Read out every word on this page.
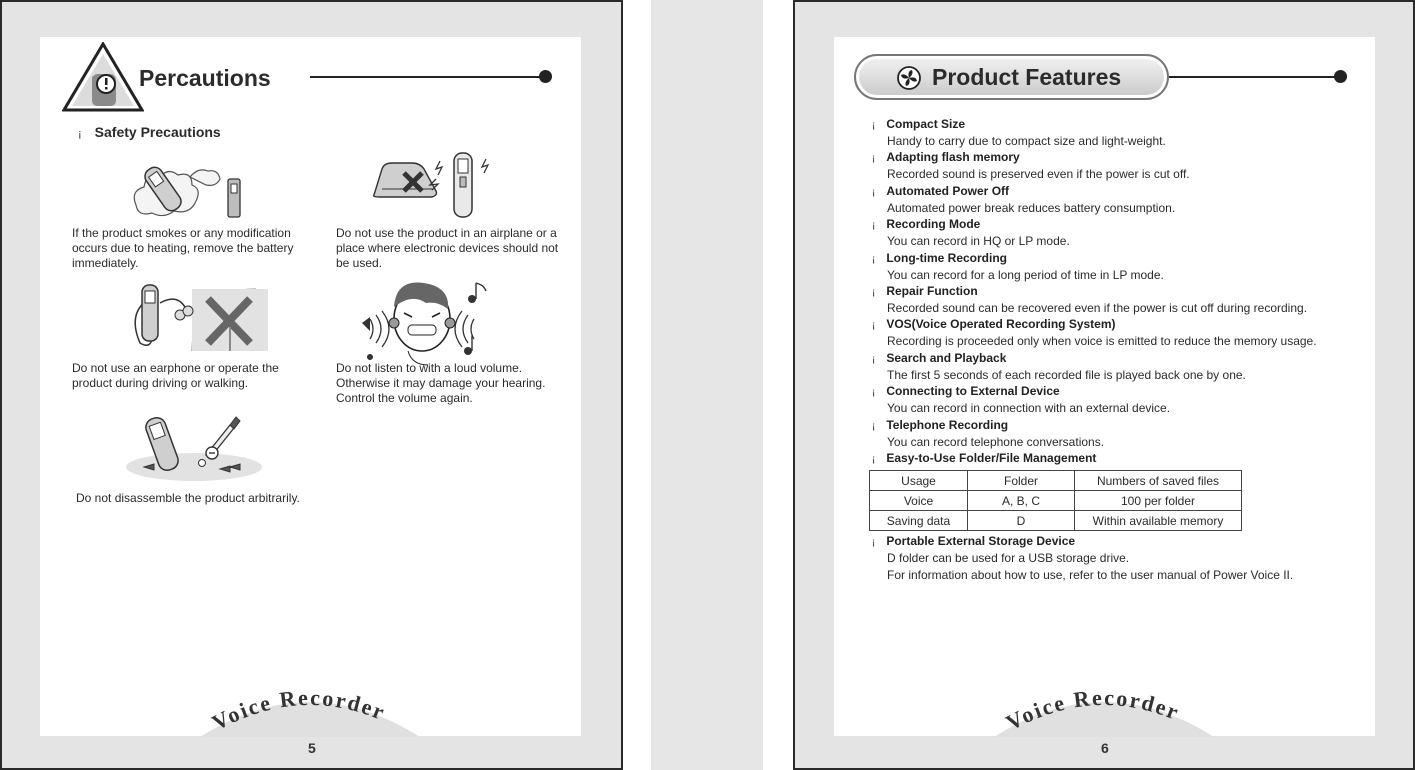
Percautions
¡ Safety Precautions
If the product smokes or any modification occurs due to heating, remove the battery immediately.
Do not use the product in an airplane or a place where electronic devices should not be used.
Do not use an earphone or operate the product during driving or walking.
Do not listen to with a loud volume. Otherwise it may damage your hearing. Control the volume again.
Do not disassemble the product arbitrarily.
Voice Recorder
5
Product Features
¡ Compact Size
Handy to carry due to compact size and light-weight.
¡ Adapting flash memory
Recorded sound is preserved even if the power is cut off.
¡ Automated Power Off
Automated power break reduces battery consumption.
¡ Recording Mode
You can record in HQ or LP mode.
¡ Long-time Recording
You can record for a long period of time in LP mode.
¡ Repair Function
Recorded sound can be recovered even if the power is cut off during recording.
¡ VOS(Voice Operated Recording System)
Recording is proceeded only when voice is emitted to reduce the memory usage.
¡ Search and Playback
The first 5 seconds of each recorded file is played back one by one.
¡ Connecting to External Device
You can record in connection with an external device.
¡ Telephone Recording
You can record telephone conversations.
¡ Easy-to-Use Folder/File Management
Usage	Folder	Numbers of saved files
Voice	A, B, C	100 per folder
Saving data	D	Within available memory
¡ Portable External Storage Device
D folder can be used for a USB storage drive.
For information about how to use, refer to the user manual of Power Voice II.
Voice Recorder
6
